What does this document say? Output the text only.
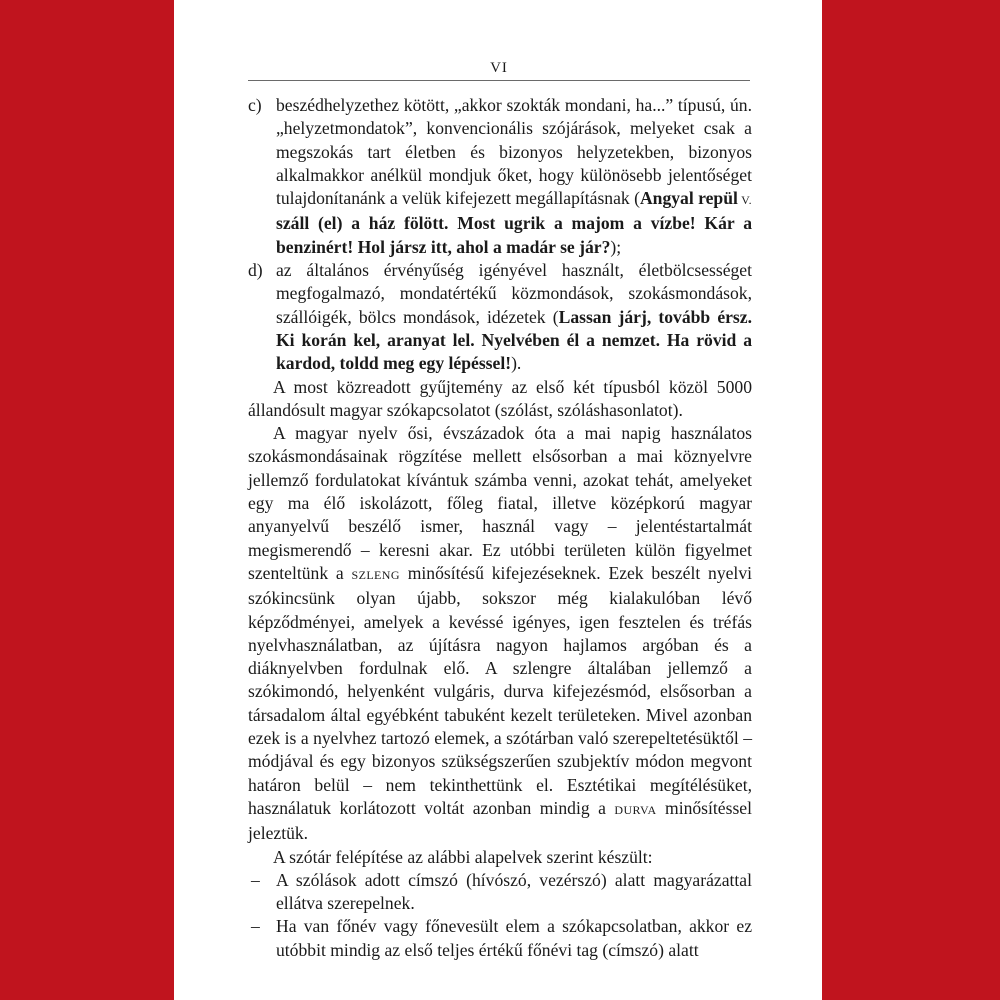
VI

c) beszédhelyzethez kötött, „akkor szokták mondani, ha...” típusú, ún. „helyzetmondatok”, konvencionális szójárások, melyeket csak a megszokás tart életben és bizonyos helyzetekben, bizonyos alkalmakkor anélkül mondjuk őket, hogy különösebb jelentőséget tulajdonítanánk a velük kifejezett megállapításnak (Angyal repül V. száll (el) a ház fölött. Most ugrik a majom a vízbe! Kár a benzinért! Hol jársz itt, ahol a madár se jár?);

d) az általános érvényűség igényével használt, életbölcsességet megfogalmazó, mondatértékű közmondások, szokásmondások, szállóigék, bölcs mondások, idézetek (Lassan járj, tovább érsz. Ki korán kel, aranyat lel. Nyelvében él a nemzet. Ha rövid a kardod, toldd meg egy lépéssel!).

A most közreadott gyűjtemény az első két típusból közöl 5000 állandósult magyar szókapcsolatot (szólást, szóláshasonlatot).

A magyar nyelv ősi, évszázadok óta a mai napig használatos szokásmondásainak rögzítése mellett elsősorban a mai köznyelvre jellemző fordulatokat kívántuk számba venni, azokat tehát, amelyeket egy ma élő iskolázott, főleg fiatal, illetve középkorú magyar anyanyelvű beszélő ismer, használ vagy – jelentéstartalmát megismerendő – keresni akar. Ez utóbbi területen külön figyelmet szenteltünk a SZLENG minősítésű kifejezéseknek. Ezek beszélt nyelvi szókincsünk olyan újabb, sokszor még kialakulóban lévő képződményei, amelyek a kevéssé igényes, igen fesztelen és tréfás nyelvhasználatban, az újításra nagyon hajlamos argóban és a diáknyelvben fordulnak elő. A szlengre általában jellemző a szókimondó, helyenként vulgáris, durva kifejezésmód, elsősorban a társadalom által egyébként tabuként kezelt területeken. Mivel azonban ezek is a nyelvhez tartozó elemek, a szótárban való szerepeltetésüktől – módjával és egy bizonyos szükségszerűen szubjektív módon megvont határon belül – nem tekinthettünk el. Esztétikai megítélésüket, használatuk korlátozott voltát azonban mindig a DURVA minősítéssel jeleztük.

A szótár felépítése az alábbi alapelvek szerint készült:

– A szólások adott címszó (hívószó, vezérszó) alatt magyarázattal ellátva szerepelnek.

– Ha van főnév vagy főnevesült elem a szókapcsolatban, akkor ez utóbbit mindig az első teljes értékű főnévi tag (címszó) alatt
